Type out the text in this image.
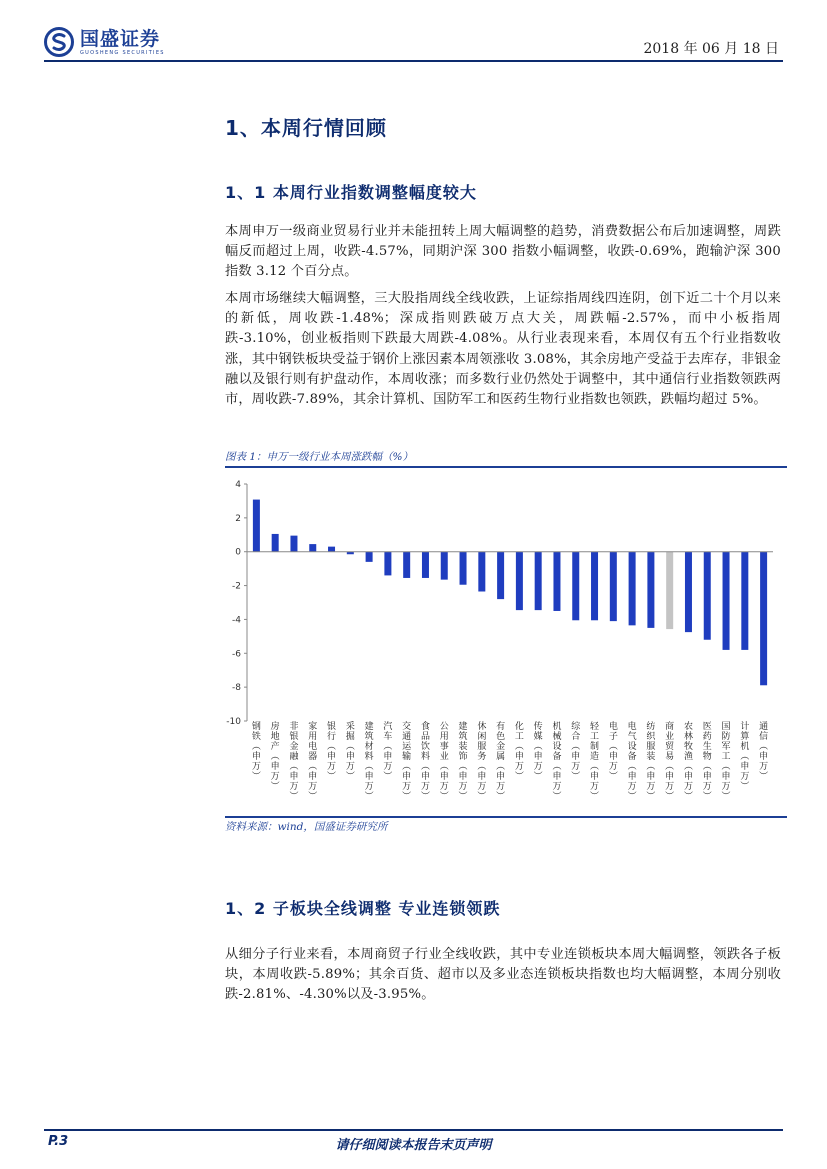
国盛证券
GUOSHENG SECURITIES	2018 年 06 月 18 日
1、本周行情回顾
1、1 本周行业指数调整幅度较大

本周申万一级商业贸易行业并未能扭转上周大幅调整的趋势，消费数据公布后加速调整，周跌幅反而超过上周，收跌-4.57%，同期沪深 300 指数小幅调整，收跌-0.69%，跑输沪深 300 指数 3.12 个百分点。

本周市场继续大幅调整，三大股指周线全线收跌，上证综指周线四连阴，创下近二十个月以来的新低，周收跌-1.48%；深成指则跌破万点大关，周跌幅-2.57%，而中小板指周跌-3.10%，创业板指则下跌最大周跌-4.08%。从行业表现来看，本周仅有五个行业指数收涨，其中钢铁板块受益于钢价上涨因素本周领涨收 3.08%，其余房地产受益于去库存，非银金融以及银行则有护盘动作，本周收涨；而多数行业仍然处于调整中，其中通信行业指数领跌两市，周收跌-7.89%，其余计算机、国防军工和医药生物行业指数也领跌，跌幅均超过 5%。

图表 1：申万一级行业本周涨跌幅（%）
4
2
0
-2
-4
-6
-8
-10 钢铁︵申万︶
房地产︵申万︶
非银金融︵申万︶
家用电器︵申万︶
银行︵申万︶
采掘︵申万︶
建筑材料︵申万︶
汽车︵申万︶
交通运输︵申万︶
食品饮料︵申万︶
公用事业︵申万︶
建筑装饰︵申万︶
休闲服务︵申万︶
有色金属︵申万︶
化工︵申万︶
传媒︵申万︶
机械设备︵申万︶
综合︵申万︶
轻工制造︵申万︶
电子︵申万︶
电气设备︵申万︶
纺织服装︵申万︶
商业贸易︵申万︶
农林牧渔︵申万︶
医药生物︵申万︶
国防军工︵申万︶
计算机︵申万︶
通信︵申万︶
资料来源：wind，国盛证券研究所
1、2 子板块全线调整 专业连锁领跌

从细分子行业来看，本周商贸子行业全线收跌，其中专业连锁板块本周大幅调整，领跌各子板块，本周收跌-5.89%；其余百货、超市以及多业态连锁板块指数也均大幅调整，本周分别收跌-2.81%、-4.30%以及-3.95%。

P.3	请仔细阅读本报告末页声明
